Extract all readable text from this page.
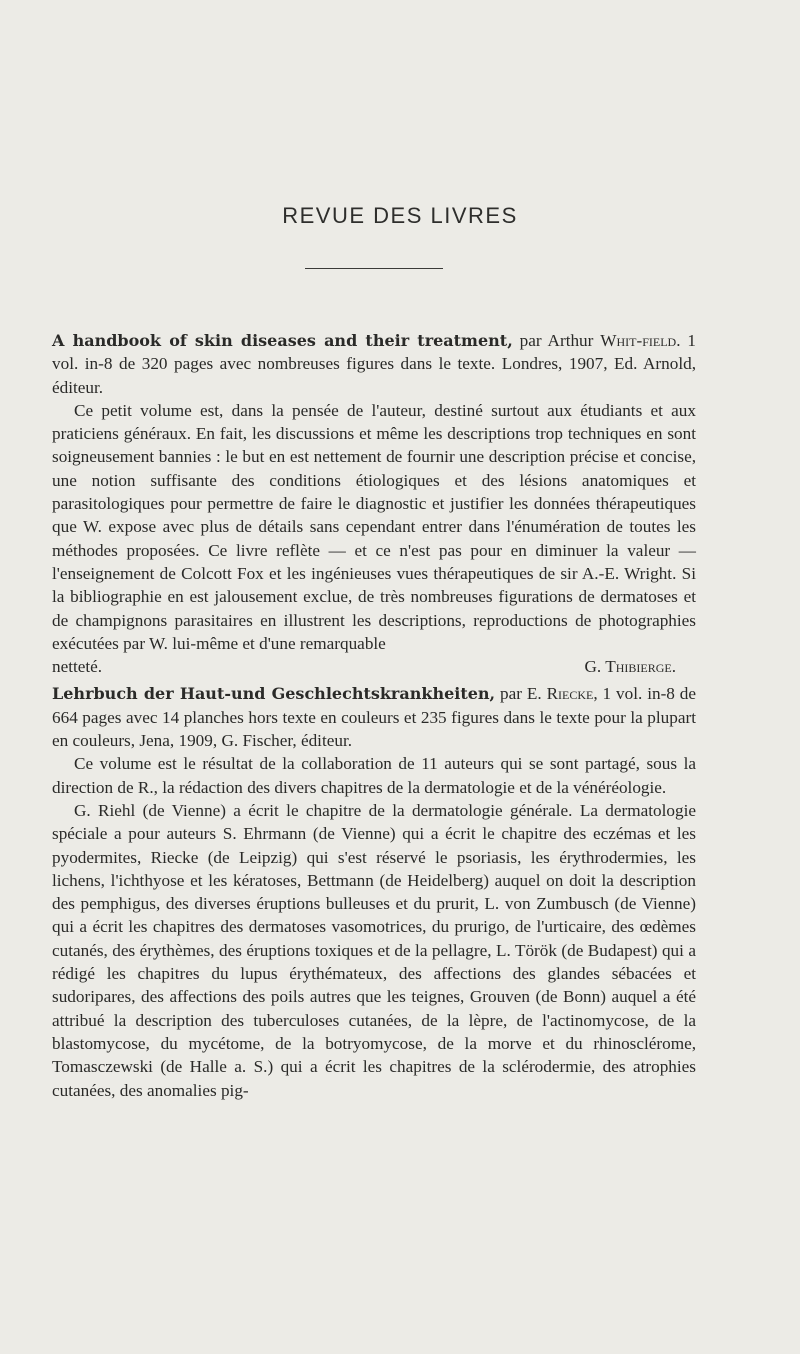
REVUE DES LIVRES

A handbook of skin diseases and their treatment, par Arthur Whit-field. 1 vol. in-8 de 320 pages avec nombreuses figures dans le texte. Londres, 1907, Ed. Arnold, éditeur.

Ce petit volume est, dans la pensée de l'auteur, destiné surtout aux étudiants et aux praticiens généraux. En fait, les discussions et même les descriptions trop techniques en sont soigneusement bannies : le but en est nettement de fournir une description précise et concise, une notion suffisante des conditions étiologiques et des lésions anatomiques et parasitologiques pour permettre de faire le diagnostic et justifier les données thérapeutiques que W. expose avec plus de détails sans cependant entrer dans l'énumération de toutes les méthodes proposées. Ce livre reflète — et ce n'est pas pour en diminuer la valeur — l'enseignement de Colcott Fox et les ingénieuses vues thérapeutiques de sir A.-E. Wright. Si la bibliographie en est jalousement exclue, de très nombreuses figurations de dermatoses et de champignons parasitaires en illustrent les descriptions, reproductions de photographies exécutées par W. lui-même et d'une remarquable

netteté.	G. Thibierge.

Lehrbuch der Haut-und Geschlechtskrankheiten, par E. Riecke, 1 vol. in-8 de 664 pages avec 14 planches hors texte en couleurs et 235 figures dans le texte pour la plupart en couleurs, Jena, 1909, G. Fischer, éditeur.

Ce volume est le résultat de la collaboration de 11 auteurs qui se sont partagé, sous la direction de R., la rédaction des divers chapitres de la dermatologie et de la vénéréologie.

G. Riehl (de Vienne) a écrit le chapitre de la dermatologie générale. La dermatologie spéciale a pour auteurs S. Ehrmann (de Vienne) qui a écrit le chapitre des eczémas et les pyodermites, Riecke (de Leipzig) qui s'est réservé le psoriasis, les érythrodermies, les lichens, l'ichthyose et les kératoses, Bettmann (de Heidelberg) auquel on doit la description des pemphigus, des diverses éruptions bulleuses et du prurit, L. von Zumbusch (de Vienne) qui a écrit les chapitres des dermatoses vasomotrices, du prurigo, de l'urticaire, des œdèmes cutanés, des érythèmes, des éruptions toxiques et de la pellagre, L. Török (de Budapest) qui a rédigé les chapitres du lupus érythémateux, des affections des glandes sébacées et sudoripares, des affections des poils autres que les teignes, Grouven (de Bonn) auquel a été attribué la description des tuberculoses cutanées, de la lèpre, de l'actinomycose, de la blastomycose, du mycétome, de la botryomycose, de la morve et du rhinosclérome, Tomasczewski (de Halle a. S.) qui a écrit les chapitres de la sclérodermie, des atrophies cutanées, des anomalies pig-
